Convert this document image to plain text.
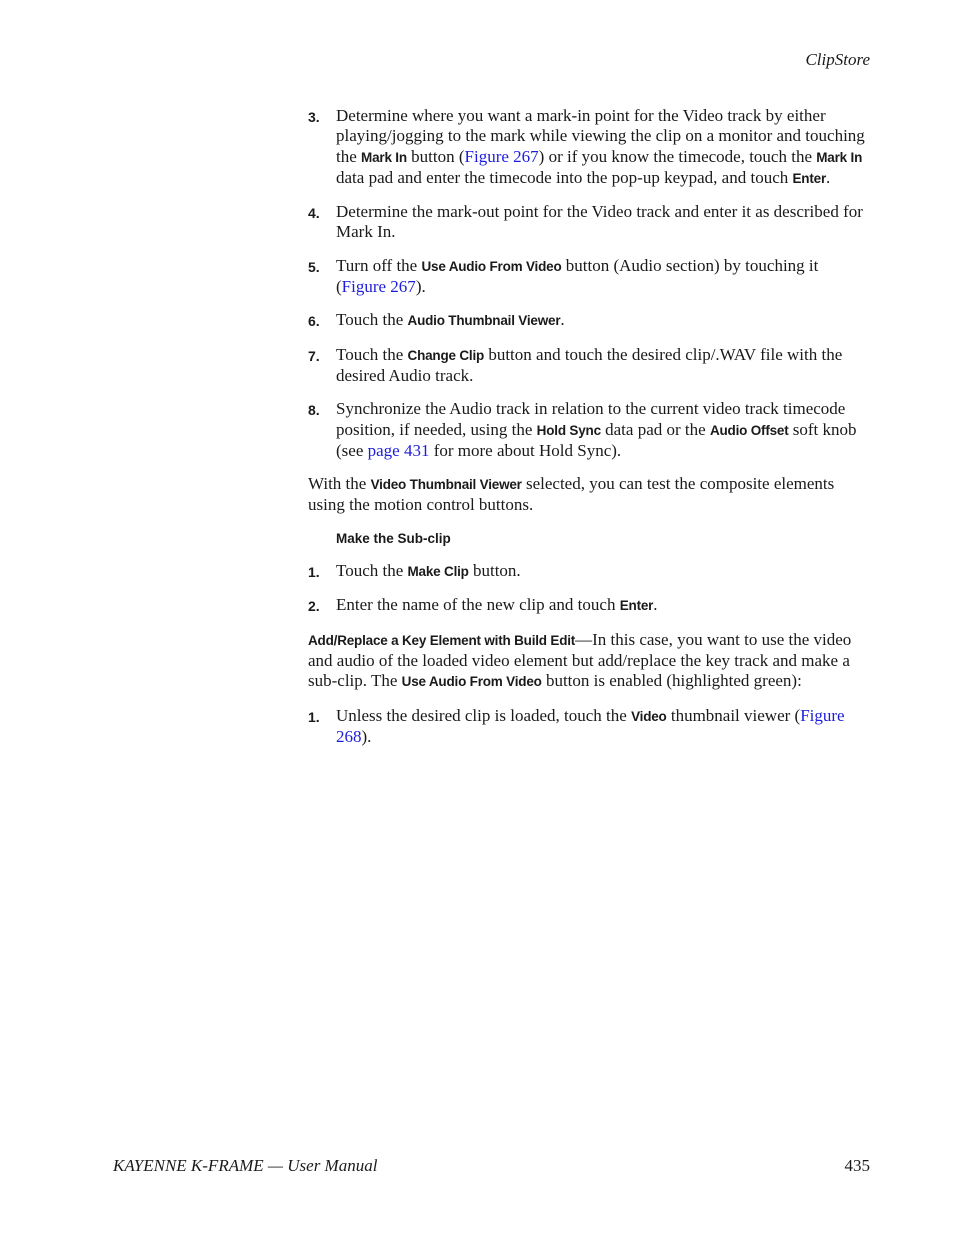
ClipStore
3. Determine where you want a mark-in point for the Video track by either playing/jogging to the mark while viewing the clip on a monitor and touching the Mark In button (Figure 267) or if you know the timecode, touch the Mark In data pad and enter the timecode into the pop-up keypad, and touch Enter.
4. Determine the mark-out point for the Video track and enter it as described for Mark In.
5. Turn off the Use Audio From Video button (Audio section) by touching it (Figure 267).
6. Touch the Audio Thumbnail Viewer.
7. Touch the Change Clip button and touch the desired clip/.WAV file with the desired Audio track.
8. Synchronize the Audio track in relation to the current video track timecode position, if needed, using the Hold Sync data pad or the Audio Offset soft knob (see page 431 for more about Hold Sync).
With the Video Thumbnail Viewer selected, you can test the composite elements using the motion control buttons.
Make the Sub-clip
1. Touch the Make Clip button.
2. Enter the name of the new clip and touch Enter.
Add/Replace a Key Element with Build Edit—In this case, you want to use the video and audio of the loaded video element but add/replace the key track and make a sub-clip. The Use Audio From Video button is enabled (highlighted green):
1. Unless the desired clip is loaded, touch the Video thumbnail viewer (Figure 268).
KAYENNE K-FRAME — User Manual	435
